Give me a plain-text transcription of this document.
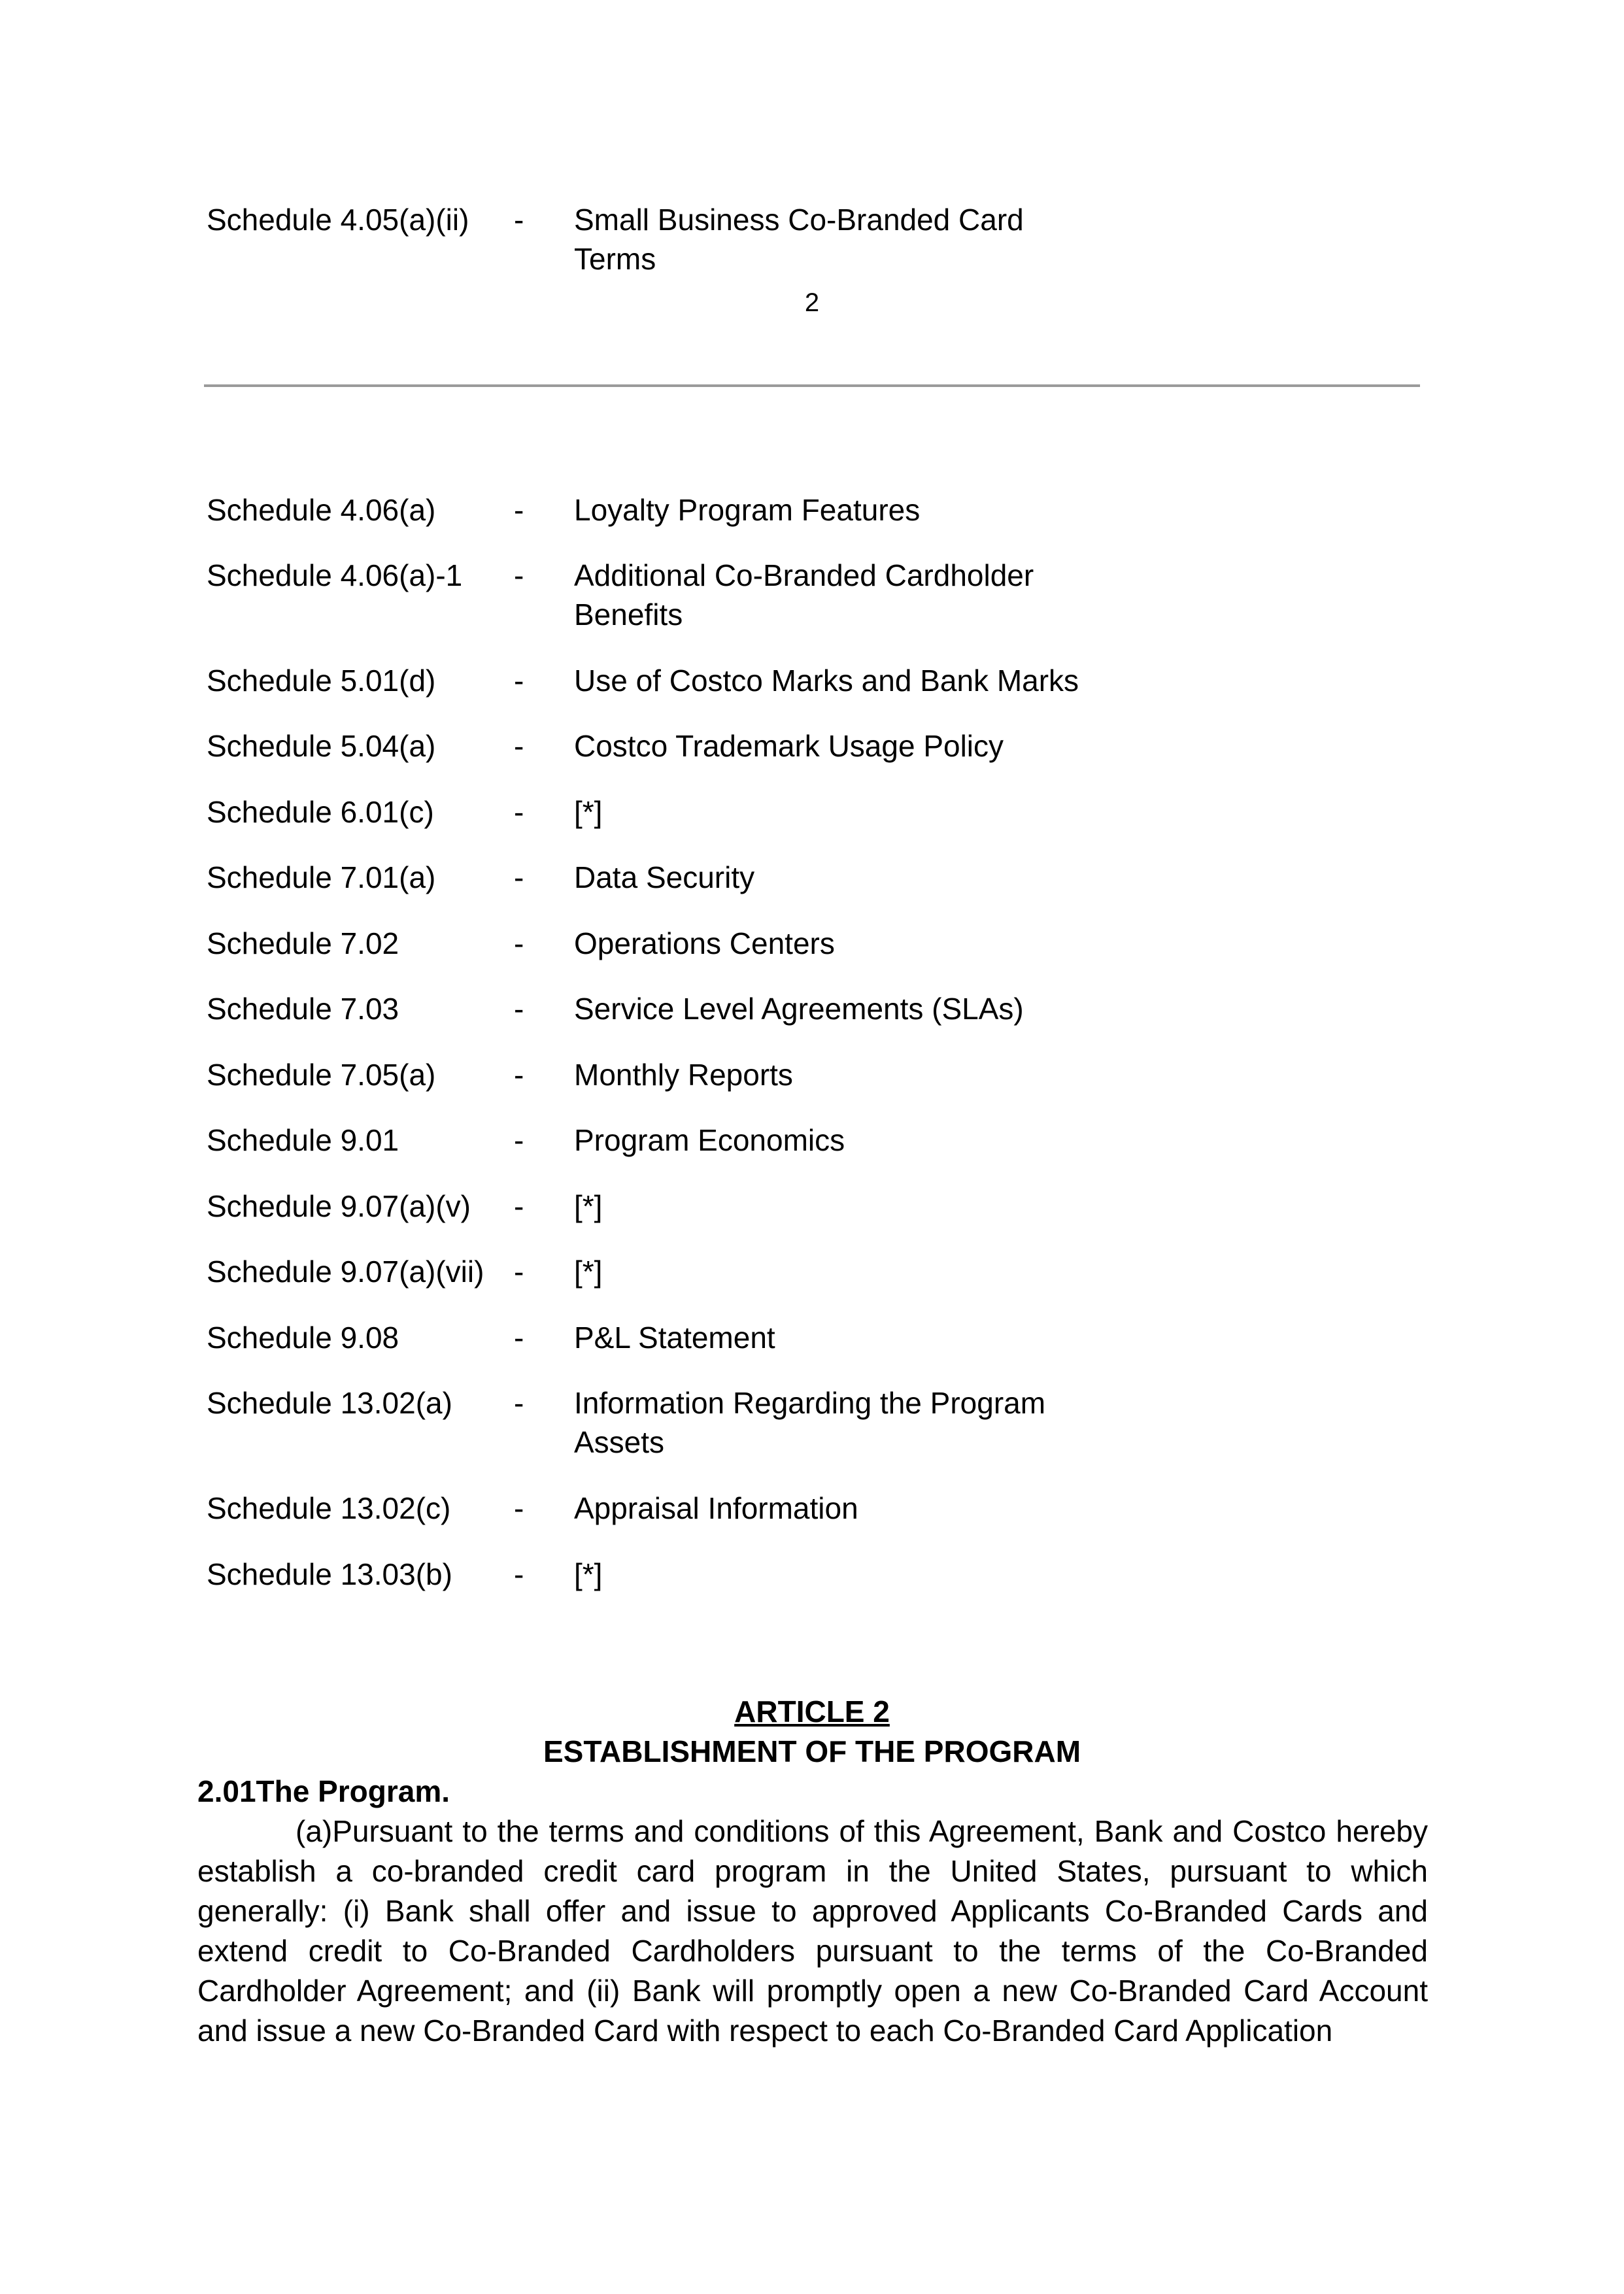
Schedule 4.05(a)(ii) - Small Business Co-Branded Card Terms
2
Schedule 4.06(a)	- Loyalty Program Features
Schedule 4.06(a)-1 - Additional Co-Branded Cardholder Benefits
Schedule 5.01(d)	- Use of Costco Marks and Bank Marks
Schedule 5.04(a)	- Costco Trademark Usage Policy
Schedule 6.01(c)	- [*]
Schedule 7.01(a)	- Data Security
Schedule 7.02	- Operations Centers
Schedule 7.03	- Service Level Agreements (SLAs)
Schedule 7.05(a)	- Monthly Reports
Schedule 9.01	- Program Economics
Schedule 9.07(a)(v) - [*]
Schedule 9.07(a)(vii) - [*]
Schedule 9.08	- P&L Statement
Schedule 13.02(a) - Information Regarding the Program Assets
Schedule 13.02(c) - Appraisal Information
Schedule 13.03(b) - [*]
ARTICLE 2
ESTABLISHMENT OF THE PROGRAM
2.01The Program.
(a)Pursuant to the terms and conditions of this Agreement, Bank and Costco hereby establish a co-branded credit card program in the United States, pursuant to which generally: (i) Bank shall offer and issue to approved Applicants Co-Branded Cards and extend credit to Co-Branded Cardholders pursuant to the terms of the Co-Branded Cardholder Agreement; and (ii) Bank will promptly open a new Co-Branded Card Account and issue a new Co-Branded Card with respect to each Co-Branded Card Application
